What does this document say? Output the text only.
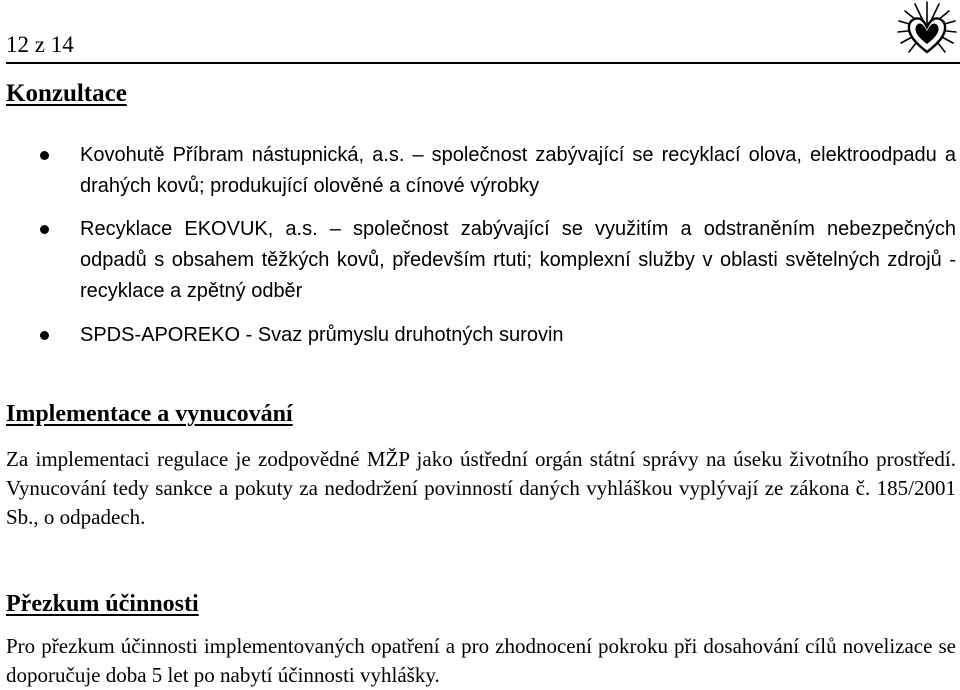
12 z 14
Konzultace
Kovohutě Příbram nástupnická, a.s. – společnost zabývající se recyklací olova, elektroodpadu a drahých kovů; produkující olověné a cínové výrobky
Recyklace EKOVUK, a.s. – společnost zabývající se využitím a odstraněním nebezpečných odpadů s obsahem těžkých kovů, především rtuti; komplexní služby v oblasti světelných zdrojů - recyklace a zpětný odběr
SPDS-APOREKO - Svaz průmyslu druhotných surovin
Implementace a vynucování

Za implementaci regulace je zodpovědné MŽP jako ústřední orgán státní správy na úseku životního prostředí. Vynucování tedy sankce a pokuty za nedodržení povinností daných vyhláškou vyplývají ze zákona č. 185/2001 Sb., o odpadech.

Přezkum účinnosti

Pro přezkum účinnosti implementovaných opatření a pro zhodnocení pokroku při dosahování cílů novelizace se doporučuje doba 5 let po nabytí účinnosti vyhlášky.
